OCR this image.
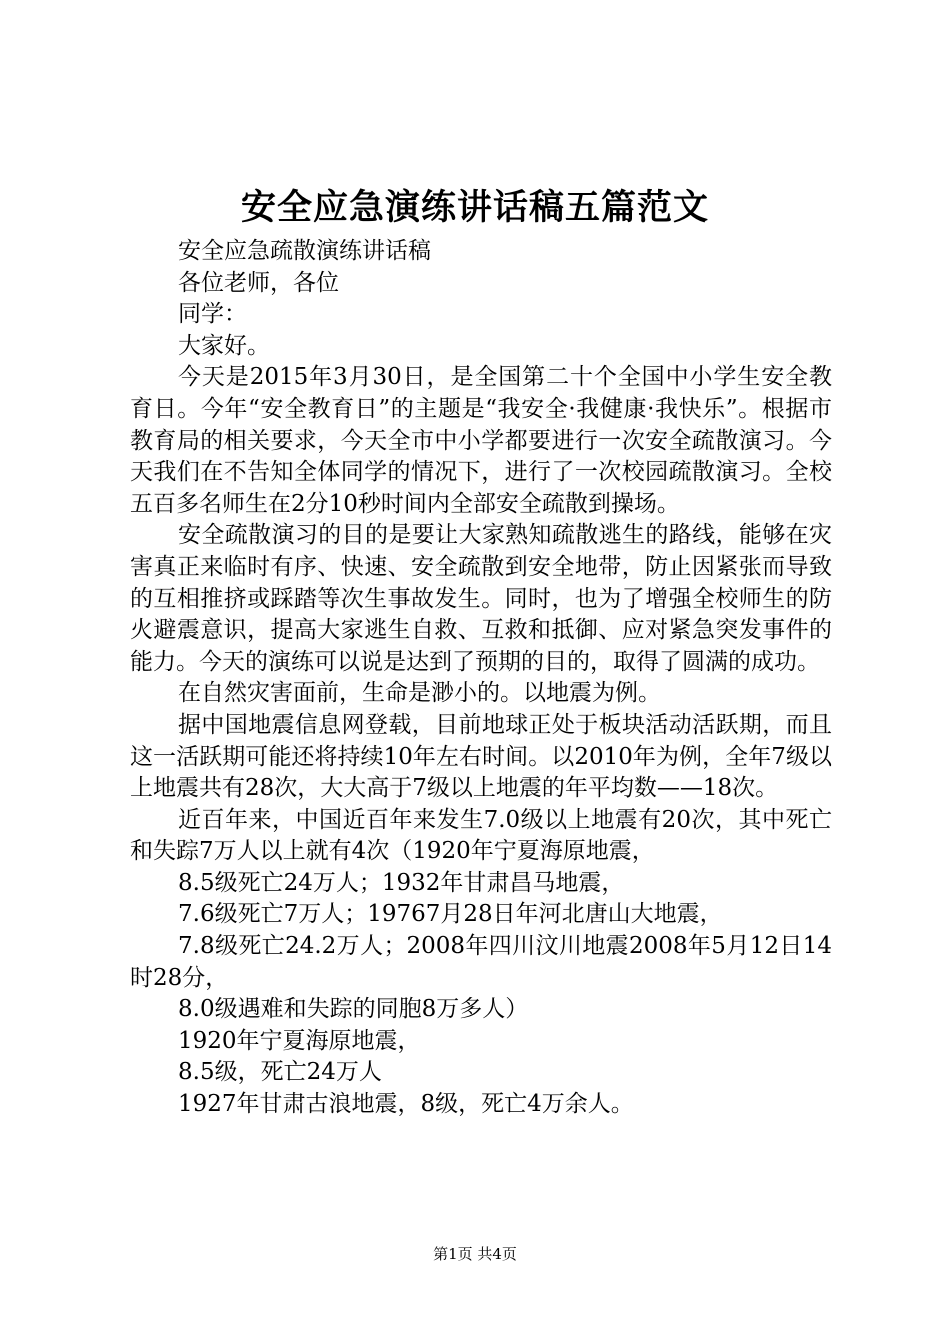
安全应急演练讲话稿五篇范文

安全应急疏散演练讲话稿

各位老师，各位

同学：

大家好。

今天是2015年3月30日，是全国第二十个全国中小学生安全教育日。今年“安全教育日”的主题是“我安全·我健康·我快乐”。根据市教育局的相关要求，今天全市中小学都要进行一次安全疏散演习。今天我们在不告知全体同学的情况下，进行了一次校园疏散演习。全校五百多名师生在2分10秒时间内全部安全疏散到操场。

安全疏散演习的目的是要让大家熟知疏散逃生的路线，能够在灾害真正来临时有序、快速、安全疏散到安全地带，防止因紧张而导致的互相推挤或踩踏等次生事故发生。同时，也为了增强全校师生的防火避震意识，提高大家逃生自救、互救和抵御、应对紧急突发事件的能力。今天的演练可以说是达到了预期的目的，取得了圆满的成功。

在自然灾害面前，生命是渺小的。以地震为例。

据中国地震信息网登载，目前地球正处于板块活动活跃期，而且这一活跃期可能还将持续10年左右时间。以2010年为例，全年7级以上地震共有28次，大大高于7级以上地震的年平均数——18次。

近百年来，中国近百年来发生7.0级以上地震有20次，其中死亡和失踪7万人以上就有4次（1920年宁夏海原地震，

8.5级死亡24万人；1932年甘肃昌马地震，

7.6级死亡7万人；19767月28日年河北唐山大地震，

7.8级死亡24.2万人；2008年四川汶川地震2008年5月12日14时28分，

8.0级遇难和失踪的同胞8万多人）

1920年宁夏海原地震，

8.5级，死亡24万人

1927年甘肃古浪地震，8级，死亡4万余人。

第1页 共4页
